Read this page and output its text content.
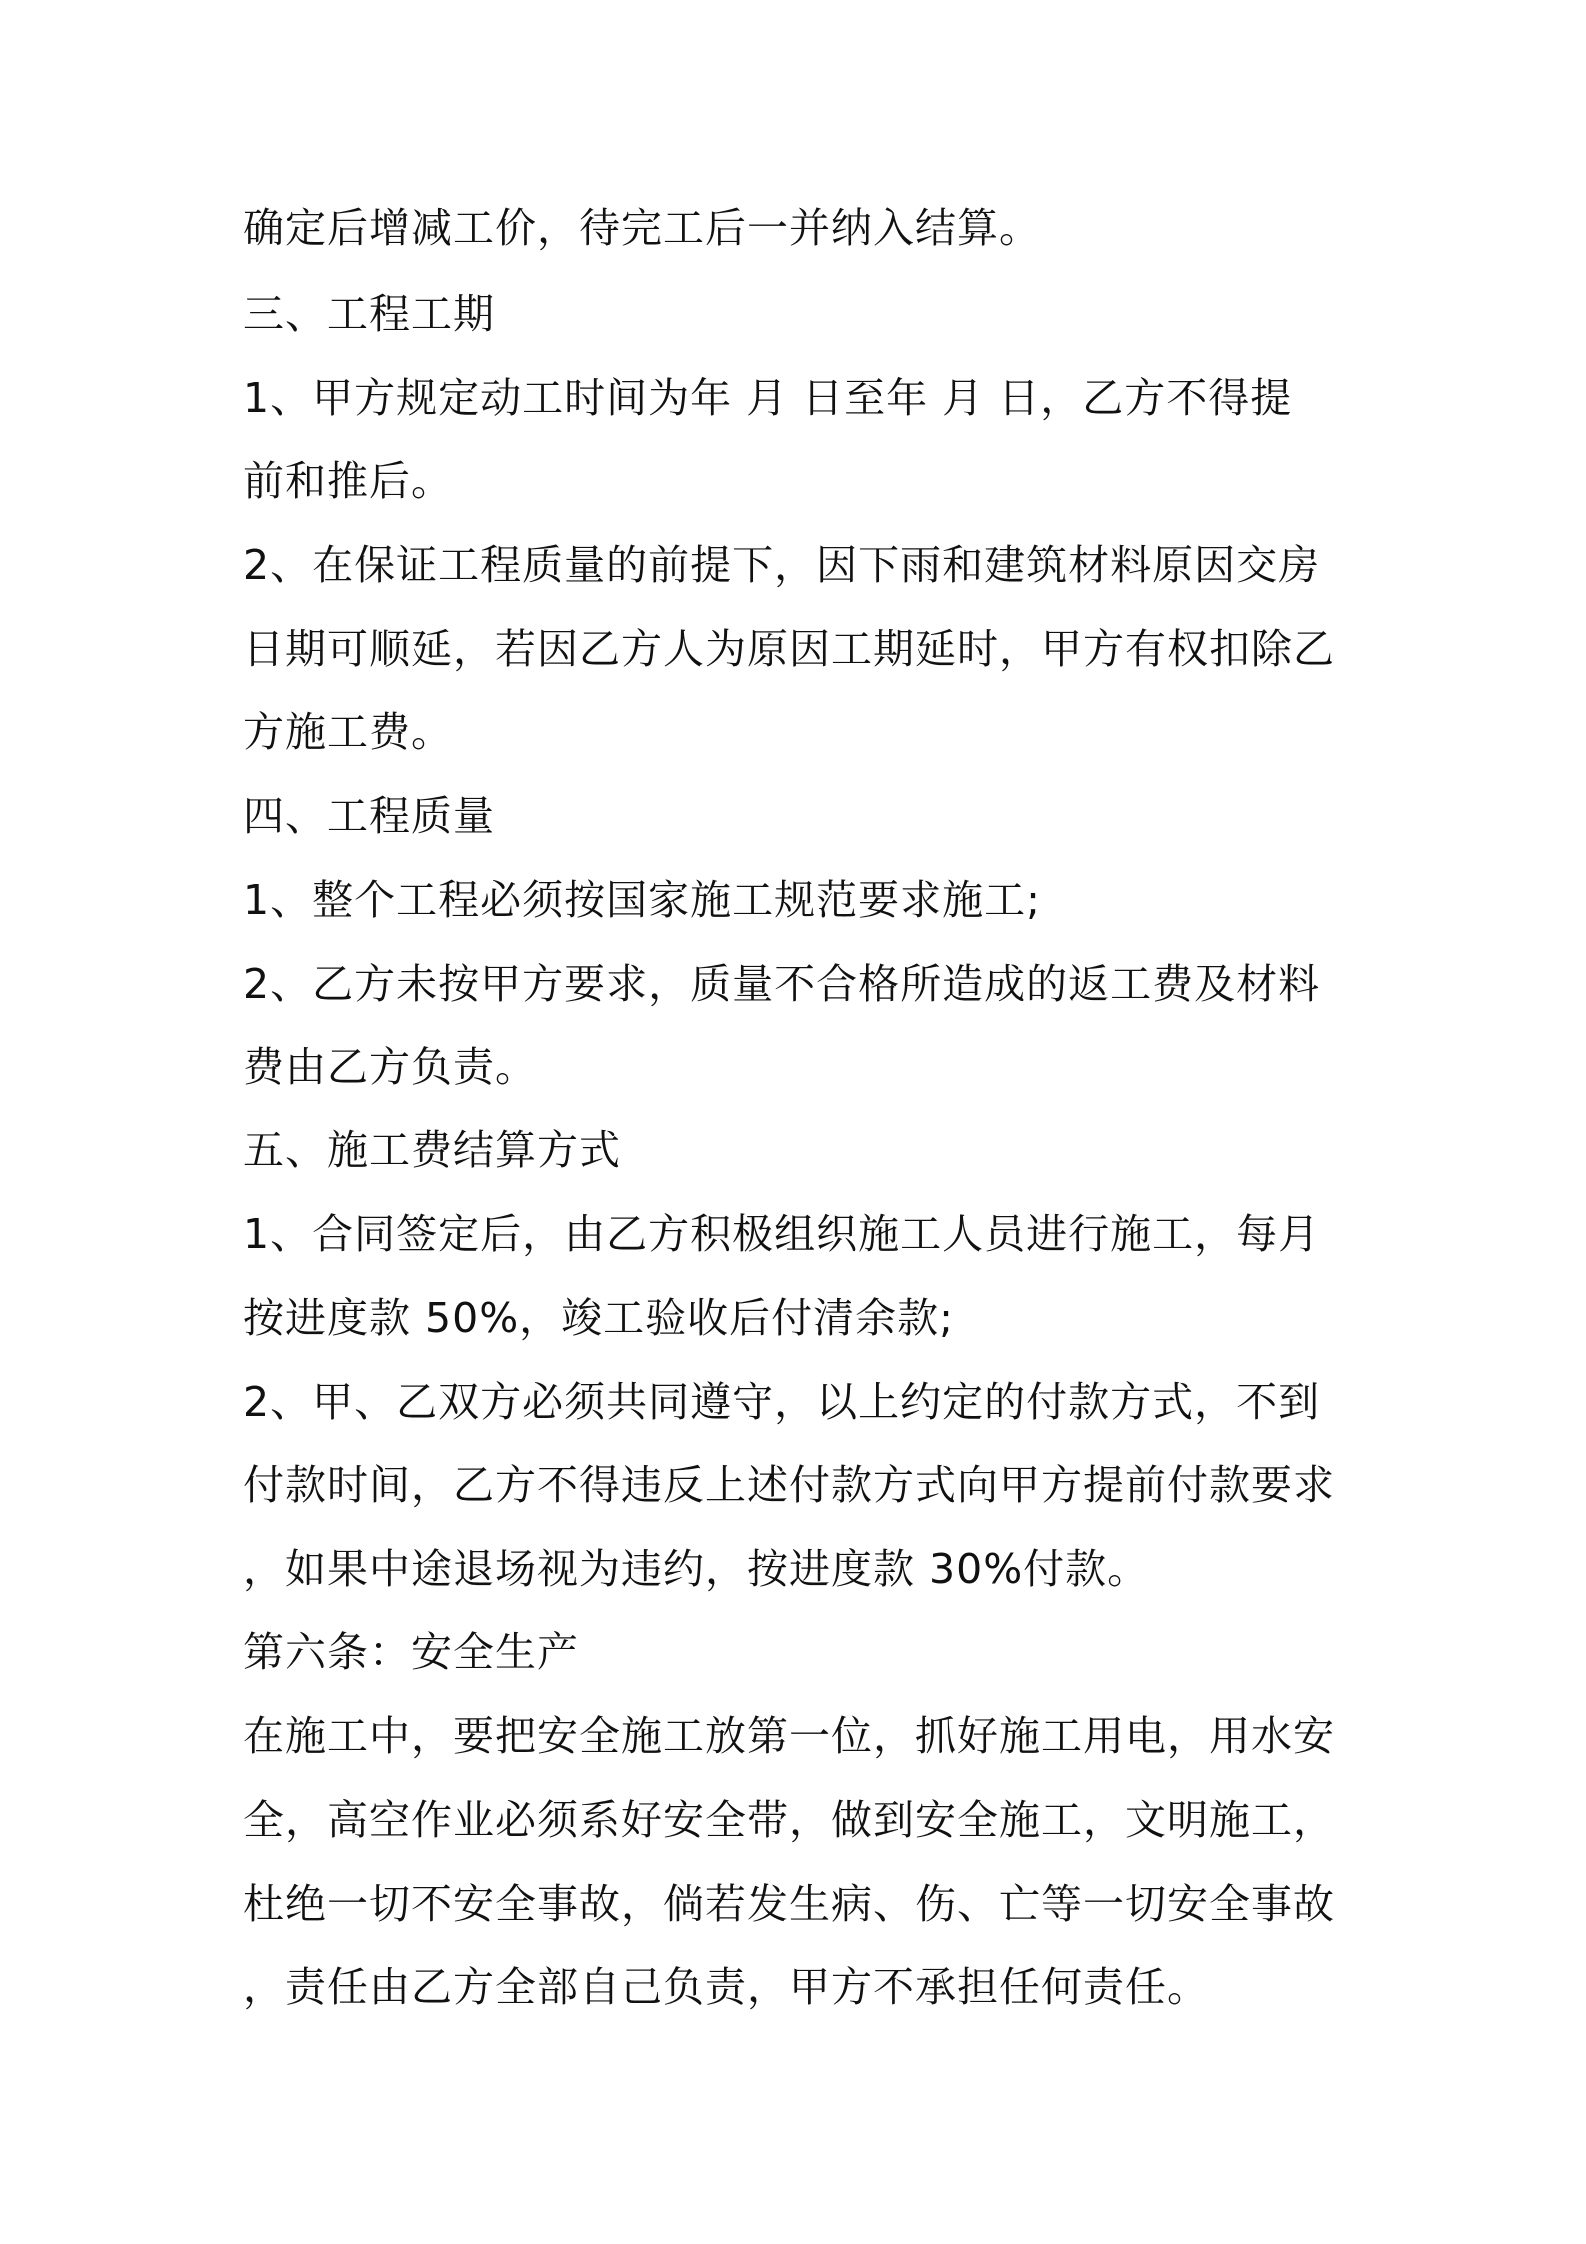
确定后增减工价，待完工后一并纳入结算。
三、工程工期
1、甲方规定动工时间为年 月 日至年 月 日，乙方不得提
前和推后。
2、在保证工程质量的前提下，因下雨和建筑材料原因交房
日期可顺延，若因乙方人为原因工期延时，甲方有权扣除乙
方施工费。
四、工程质量
1、整个工程必须按国家施工规范要求施工;
2、乙方未按甲方要求，质量不合格所造成的返工费及材料
费由乙方负责。
五、施工费结算方式
1、合同签定后，由乙方积极组织施工人员进行施工，每月
按进度款 50%，竣工验收后付清余款;
2、甲、乙双方必须共同遵守，以上约定的付款方式，不到
付款时间，乙方不得违反上述付款方式向甲方提前付款要求
，如果中途退场视为违约，按进度款 30%付款。
第六条：安全生产
在施工中，要把安全施工放第一位，抓好施工用电，用水安
全，高空作业必须系好安全带，做到安全施工，文明施工，
杜绝一切不安全事故，倘若发生病、伤、亡等一切安全事故
，责任由乙方全部自己负责，甲方不承担任何责任。
